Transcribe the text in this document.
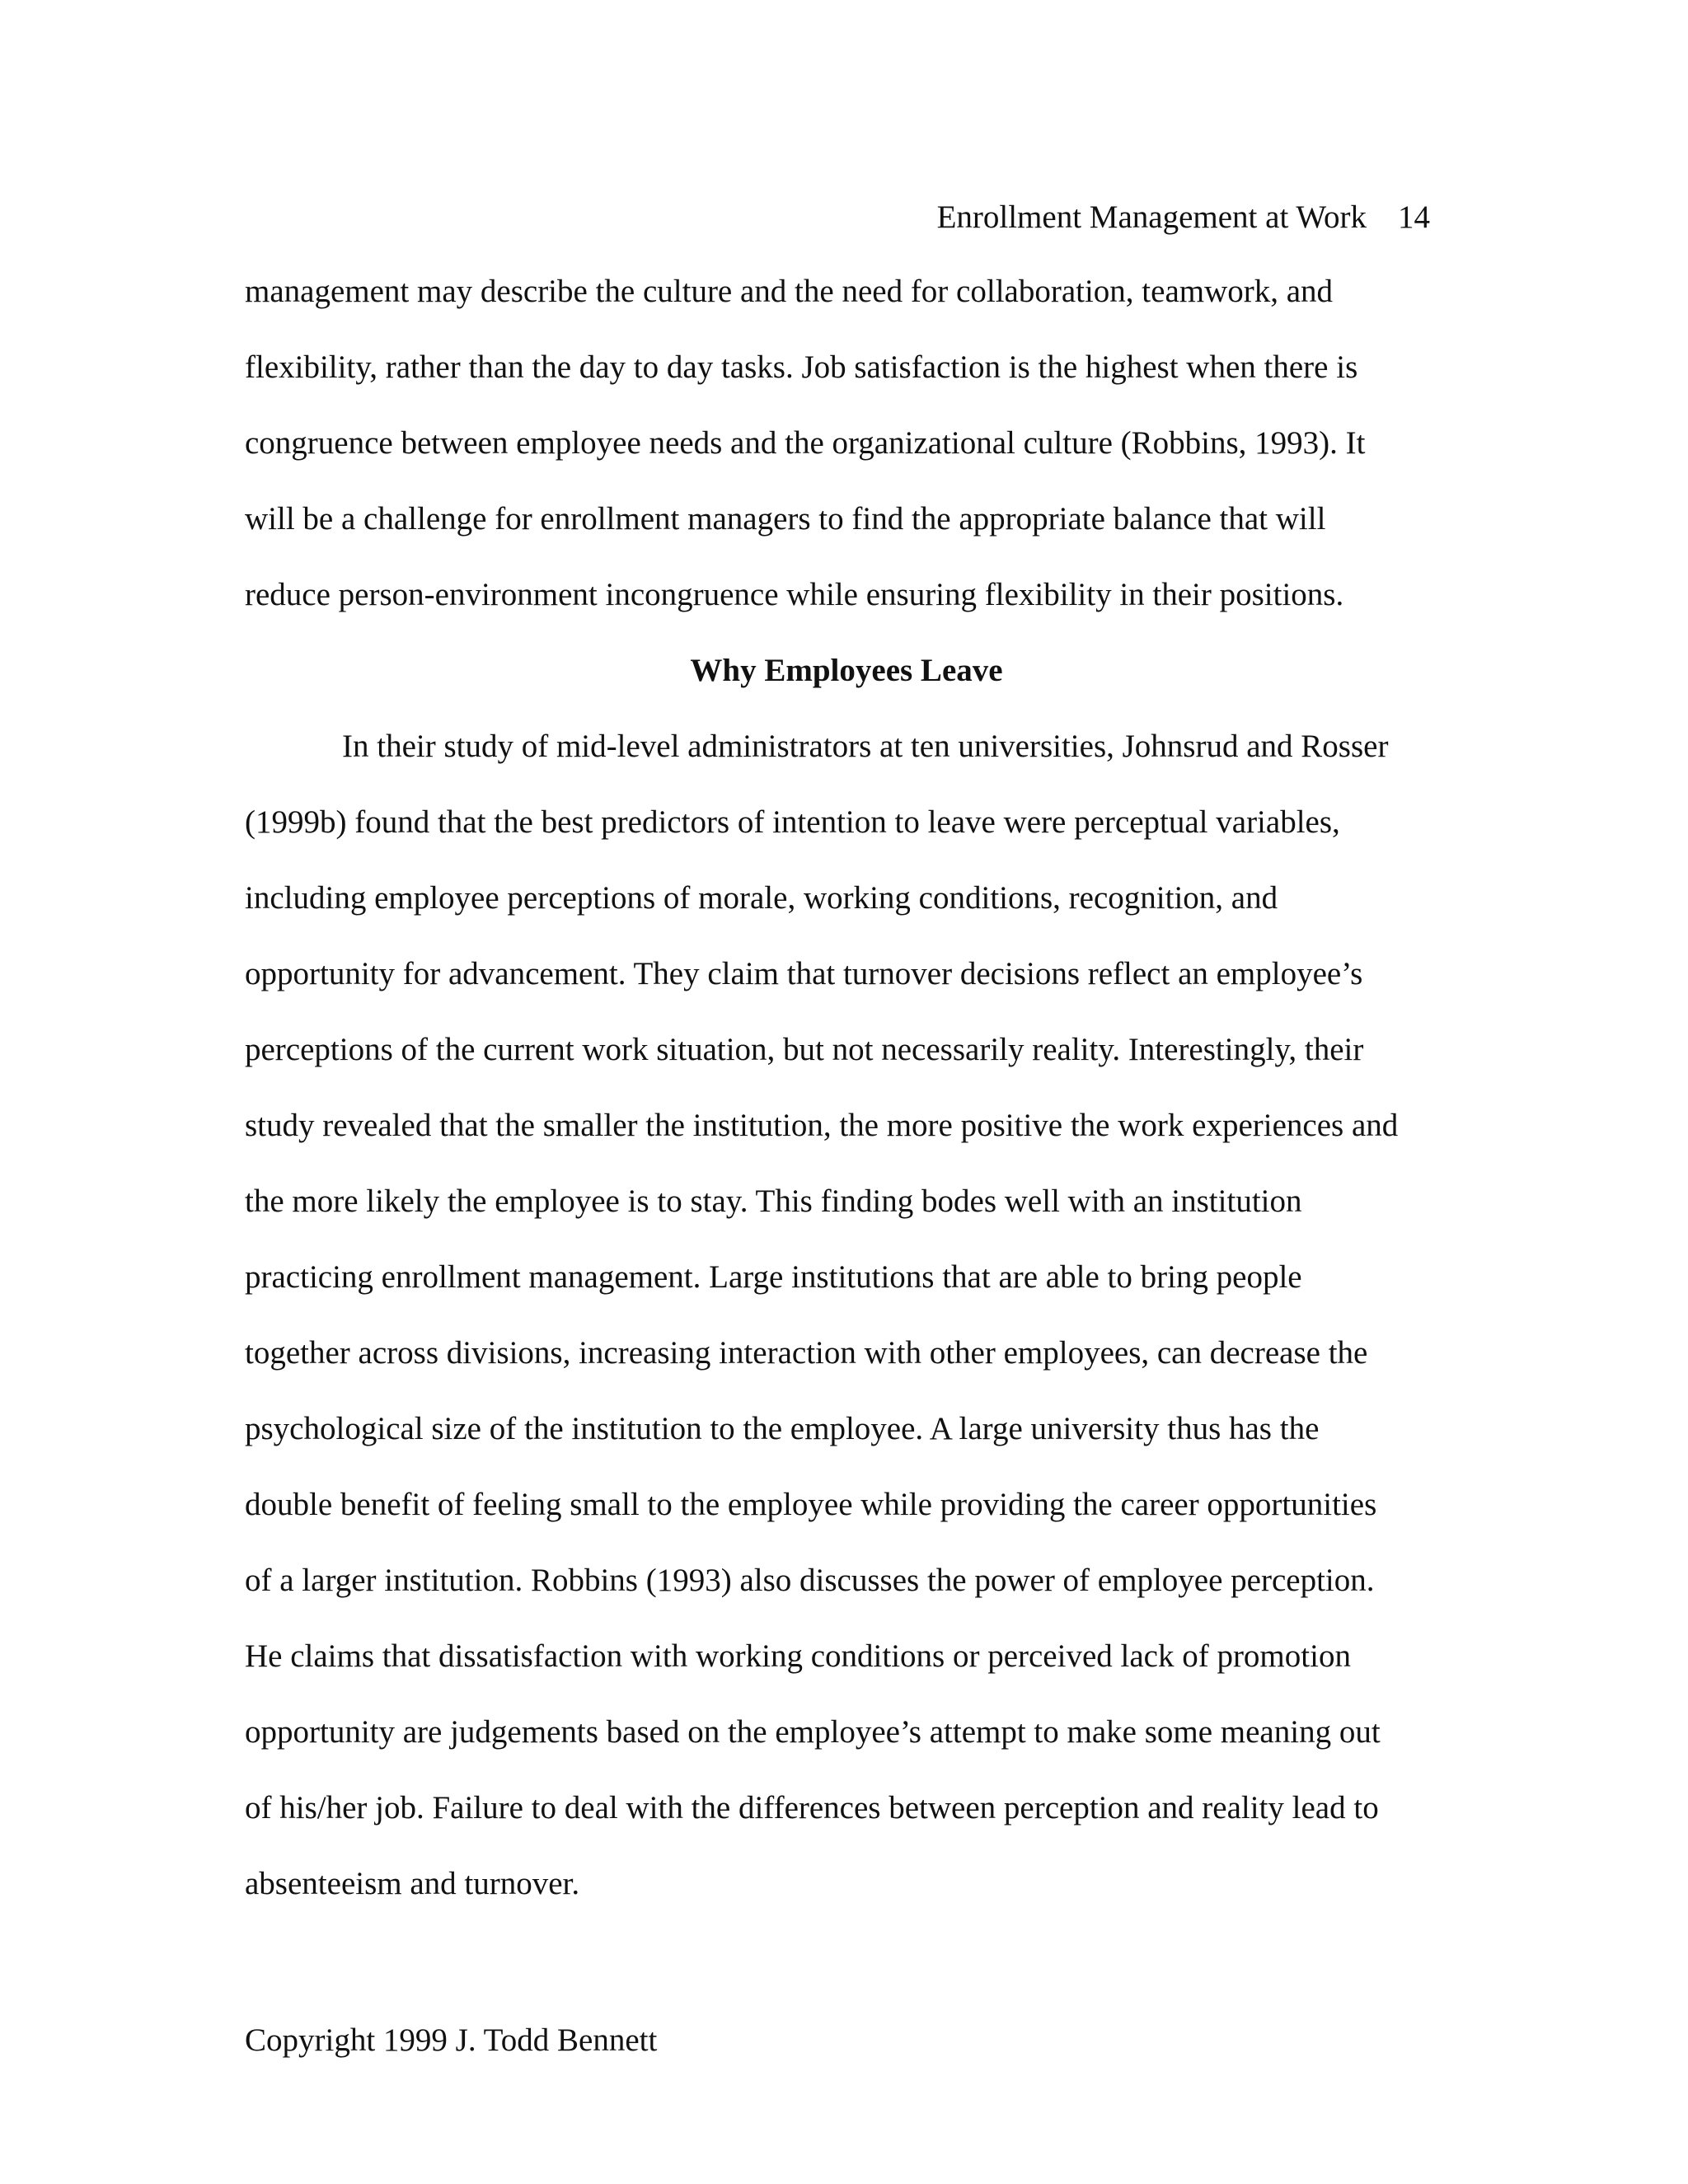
Enrollment Management at Work 14
management may describe the culture and the need for collaboration, teamwork, and
flexibility, rather than the day to day tasks. Job satisfaction is the highest when there is
congruence between employee needs and the organizational culture (Robbins, 1993). It
will be a challenge for enrollment managers to find the appropriate balance that will
reduce person-environment incongruence while ensuring flexibility in their positions.
Why Employees Leave
In their study of mid-level administrators at ten universities, Johnsrud and Rosser
(1999b) found that the best predictors of intention to leave were perceptual variables,
including employee perceptions of morale, working conditions, recognition, and
opportunity for advancement. They claim that turnover decisions reflect an employee’s
perceptions of the current work situation, but not necessarily reality. Interestingly, their
study revealed that the smaller the institution, the more positive the work experiences and
the more likely the employee is to stay. This finding bodes well with an institution
practicing enrollment management. Large institutions that are able to bring people
together across divisions, increasing interaction with other employees, can decrease the
psychological size of the institution to the employee. A large university thus has the
double benefit of feeling small to the employee while providing the career opportunities
of a larger institution. Robbins (1993) also discusses the power of employee perception.
He claims that dissatisfaction with working conditions or perceived lack of promotion
opportunity are judgements based on the employee’s attempt to make some meaning out
of his/her job. Failure to deal with the differences between perception and reality lead to
absenteeism and turnover.
Copyright 1999 J. Todd Bennett
